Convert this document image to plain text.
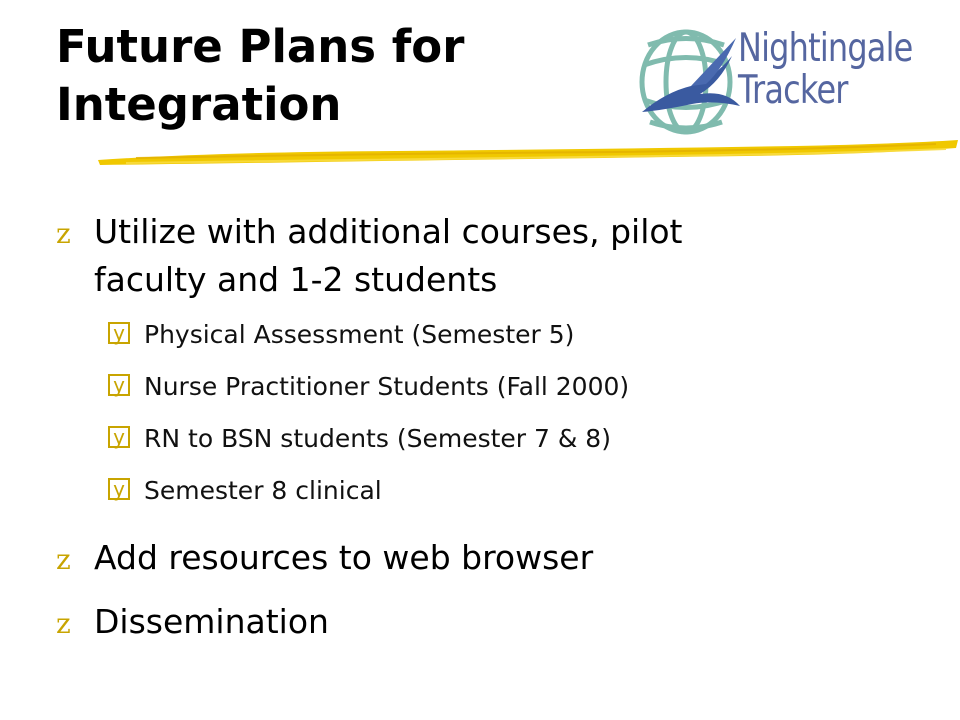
Future Plans for
Integration
Nightingale
Tracker
z Utilize with additional courses, pilot
faculty and 1-2 students
y Physical Assessment (Semester 5)
y Nurse Practitioner Students (Fall 2000)
y RN to BSN students (Semester 7 & 8)
y Semester 8 clinical
z Add resources to web browser
z Dissemination
